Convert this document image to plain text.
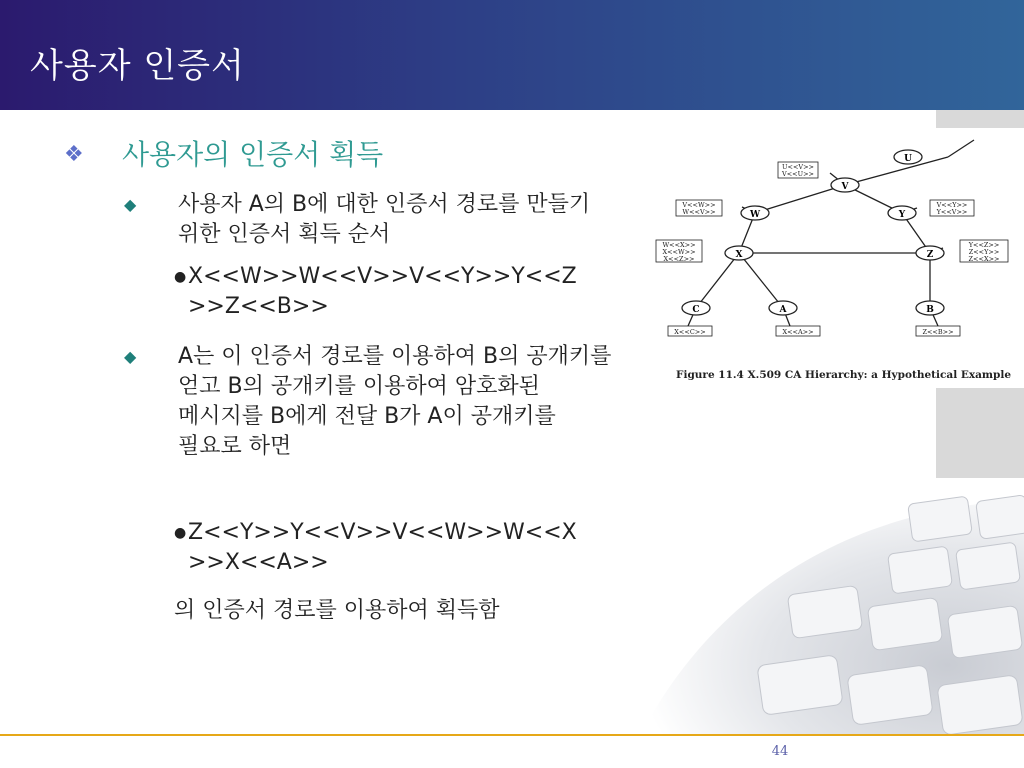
사용자 인증서
❖	사용자의 인증서 획득
◆	사용자 A의 B에 대한 인증서 경로를 만들기 위한 인증서 획득 순서
● X<<W>>W<<V>>V<<Y>>Y<<Z
>>Z<<B>>
◆	A는 이 인증서 경로를 이용하여 B의 공개키를 얻고 B의 공개키를 이용하여 암호화된 메시지를 B에게 전달 B가 A이 공개키를 필요로 하면
● Z<<Y>>Y<<V>>V<<W>>W<<X
>>X<<A>>
의 인증서 경로를 이용하여 획득함
U
V
W	Y
X	Z
C	A	B
U<<V>>
V<<U>>
V<<W>>
W<<V>>
V<<Y>>
Y<<V>>
W<<X>>
X<<W>>
X<<Z>>
Y<<Z>>
Z<<Y>>
Z<<X>>
X<<C>>	X<<A>>	Z<<B>>
Figure 11.4 X.509 CA Hierarchy: a Hypothetical Example
44
